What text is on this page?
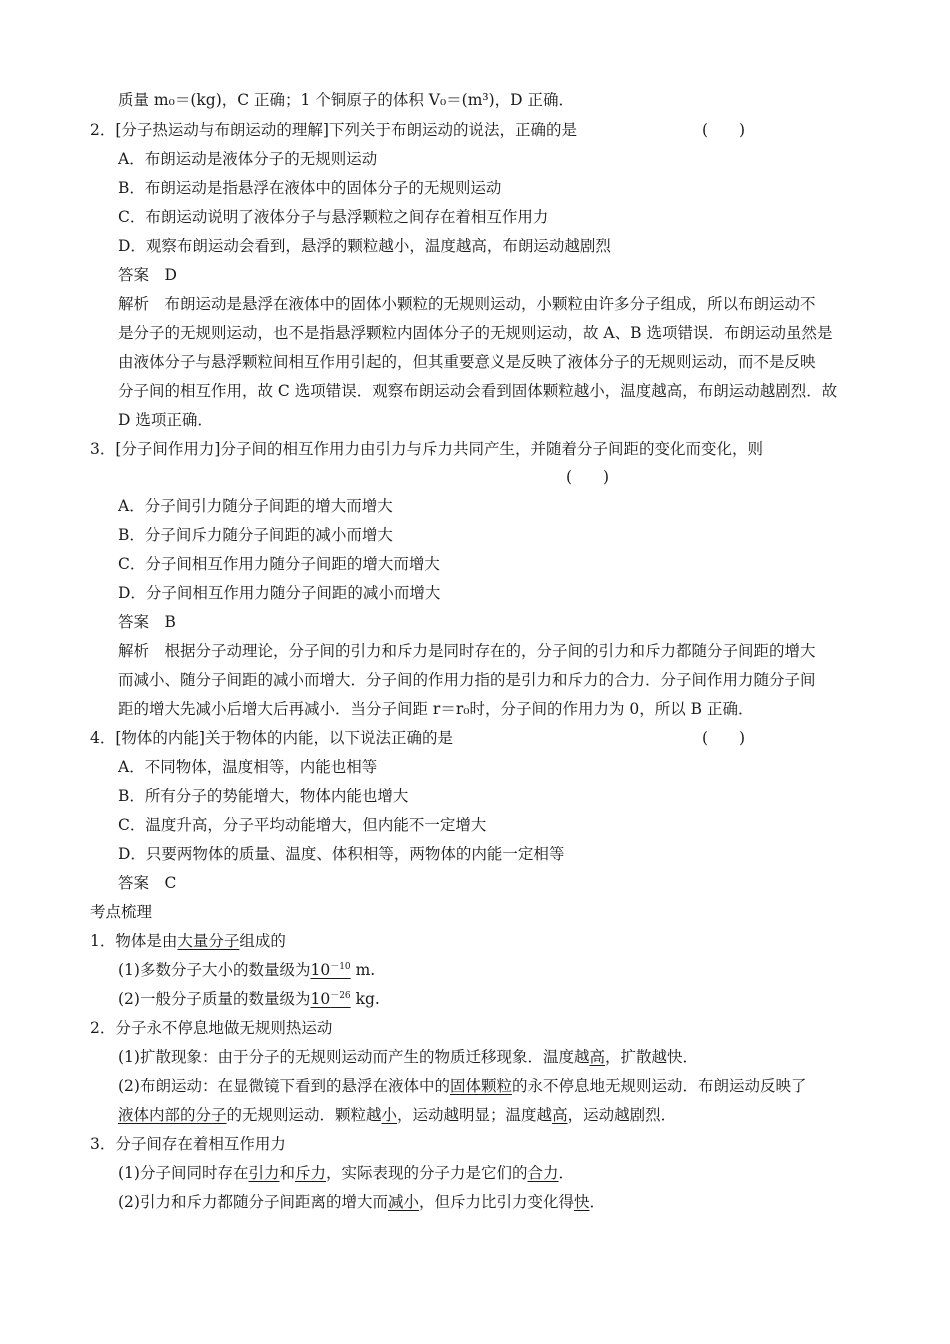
质量 m₀＝(kg)，C 正确；1 个铜原子的体积 V₀＝(m³)，D 正确．
2．[分子热运动与布朗运动的理解]下列关于布朗运动的说法，正确的是	(　　)
A．布朗运动是液体分子的无规则运动
B．布朗运动是指悬浮在液体中的固体分子的无规则运动
C．布朗运动说明了液体分子与悬浮颗粒之间存在着相互作用力
D．观察布朗运动会看到，悬浮的颗粒越小，温度越高，布朗运动越剧烈
答案　D
解析　布朗运动是悬浮在液体中的固体小颗粒的无规则运动，小颗粒由许多分子组成，所以布朗运动不
是分子的无规则运动，也不是指悬浮颗粒内固体分子的无规则运动，故 A、B 选项错误．布朗运动虽然是
由液体分子与悬浮颗粒间相互作用引起的，但其重要意义是反映了液体分子的无规则运动，而不是反映
分子间的相互作用，故 C 选项错误．观察布朗运动会看到固体颗粒越小，温度越高，布朗运动越剧烈．故
D 选项正确．
3．[分子间作用力]分子间的相互作用力由引力与斥力共同产生，并随着分子间距的变化而变化，则
(　　)
A．分子间引力随分子间距的增大而增大
B．分子间斥力随分子间距的减小而增大
C．分子间相互作用力随分子间距的增大而增大
D．分子间相互作用力随分子间距的减小而增大
答案　B
解析　根据分子动理论，分子间的引力和斥力是同时存在的，分子间的引力和斥力都随分子间距的增大
而减小、随分子间距的减小而增大．分子间的作用力指的是引力和斥力的合力．分子间作用力随分子间
距的增大先减小后增大后再减小．当分子间距 r＝r₀时，分子间的作用力为 0，所以 B 正确．
4．[物体的内能]关于物体的内能，以下说法正确的是	(　　)
A．不同物体，温度相等，内能也相等
B．所有分子的势能增大，物体内能也增大
C．温度升高，分子平均动能增大，但内能不一定增大
D．只要两物体的质量、温度、体积相等，两物体的内能一定相等
答案　C
考点梳理
1．物体是由大量分子组成的
(1)多数分子大小的数量级为$10^{-10}$ m.
(2)一般分子质量的数量级为$10^{-26}$ kg.
2．分子永不停息地做无规则热运动
(1)扩散现象：由于分子的无规则运动而产生的物质迁移现象．温度越高，扩散越快．
(2)布朗运动：在显微镜下看到的悬浮在液体中的固体颗粒的永不停息地无规则运动．布朗运动反映了
液体内部的分子的无规则运动．颗粒越小，运动越明显；温度越高，运动越剧烈．
3．分子间存在着相互作用力
(1)分子间同时存在引力和斥力，实际表现的分子力是它们的合力．
(2)引力和斥力都随分子间距离的增大而减小，但斥力比引力变化得快．
